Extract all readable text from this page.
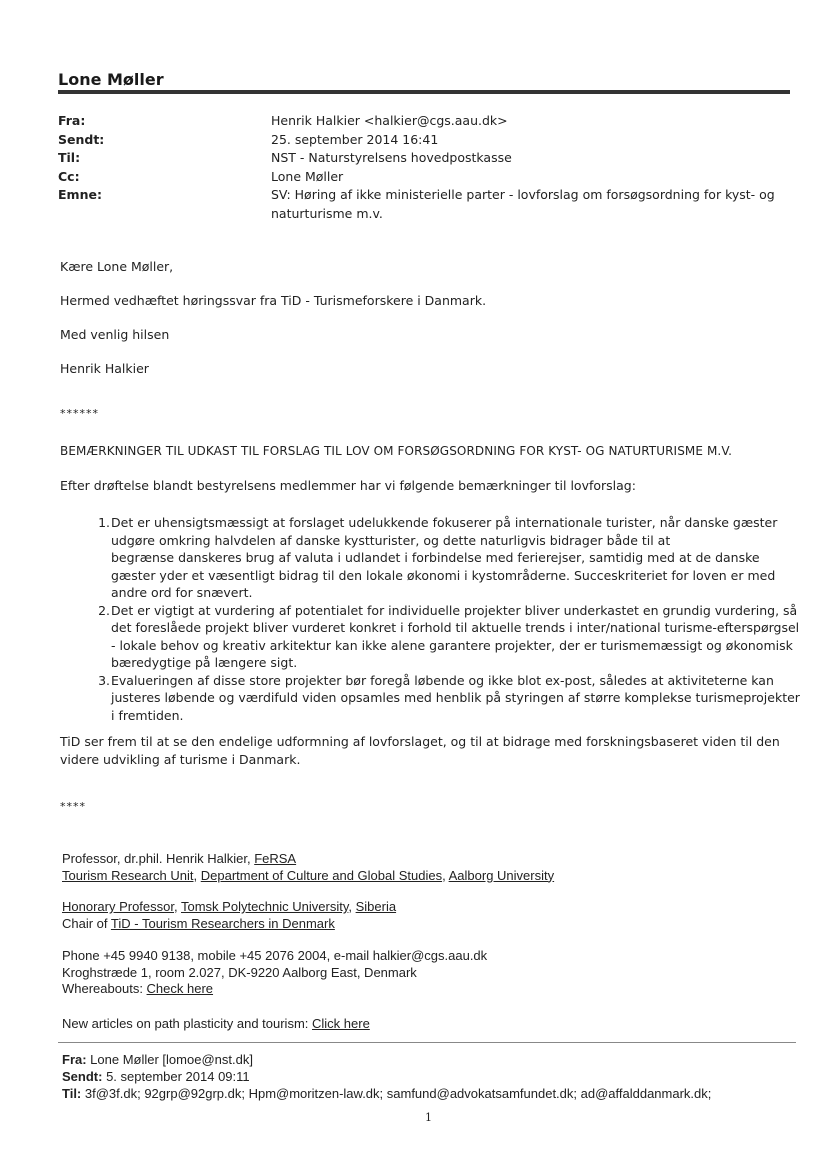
Lone Møller
Fra:	Henrik Halkier <halkier@cgs.aau.dk>
Sendt:	25. september 2014 16:41
Til:	NST - Naturstyrelsens hovedpostkasse
Cc:	Lone Møller
Emne:	SV: Høring af ikke ministerielle parter - lovforslag om forsøgsordning for kyst- og
naturturisme m.v.
Kære Lone Møller,
Hermed vedhæftet høringssvar fra TiD - Turismeforskere i Danmark.
Med venlig hilsen
Henrik Halkier
******
BEMÆRKNINGER TIL UDKAST TIL FORSLAG TIL LOV OM FORSØGSORDNING FOR KYST- OG NATURTURISME M.V.
Efter drøftelse blandt bestyrelsens medlemmer har vi følgende bemærkninger til lovforslag:
1. Det er uhensigtsmæssigt at forslaget udelukkende fokuserer på internationale turister, når danske gæster
udgøre omkring halvdelen af danske kystturister, og dette naturligvis bidrager både til at
begrænse danskeres brug af valuta i udlandet i forbindelse med ferierejser, samtidig med at de danske
gæster yder et væsentligt bidrag til den lokale økonomi i kystområderne. Succeskriteriet for loven er med
andre ord for snævert.
2. Det er vigtigt at vurdering af potentialet for individuelle projekter bliver underkastet en grundig vurdering, så
det foreslåede projekt bliver vurderet konkret i forhold til aktuelle trends i inter/national turisme-efterspørgsel
- lokale behov og kreativ arkitektur kan ikke alene garantere projekter, der er turismemæssigt og økonomisk
bæredygtige på længere sigt.
3. Evalueringen af disse store projekter bør foregå løbende og ikke blot ex-post, således at aktiviteterne kan
justeres løbende og værdifuld viden opsamles med henblik på styringen af større komplekse turismeprojekter
i fremtiden.
TiD ser frem til at se den endelige udformning af lovforslaget, og til at bidrage med forskningsbaseret viden til den
videre udvikling af turisme i Danmark.
****
Professor, dr.phil. Henrik Halkier, FeRSA
Tourism Research Unit, Department of Culture and Global Studies, Aalborg University
Honorary Professor, Tomsk Polytechnic University, Siberia
Chair of TiD - Tourism Researchers in Denmark
Phone +45 9940 9138, mobile +45 2076 2004, e-mail halkier@cgs.aau.dk
Kroghstræde 1, room 2.027, DK-9220 Aalborg East, Denmark
Whereabouts: Check here
New articles on path plasticity and tourism: Click here
Fra: Lone Møller [lomoe@nst.dk]
Sendt: 5. september 2014 09:11
Til: 3f@3f.dk; 92grp@92grp.dk; Hpm@moritzen-law.dk; samfund@advokatsamfundet.dk; ad@affalddanmark.dk;
1
